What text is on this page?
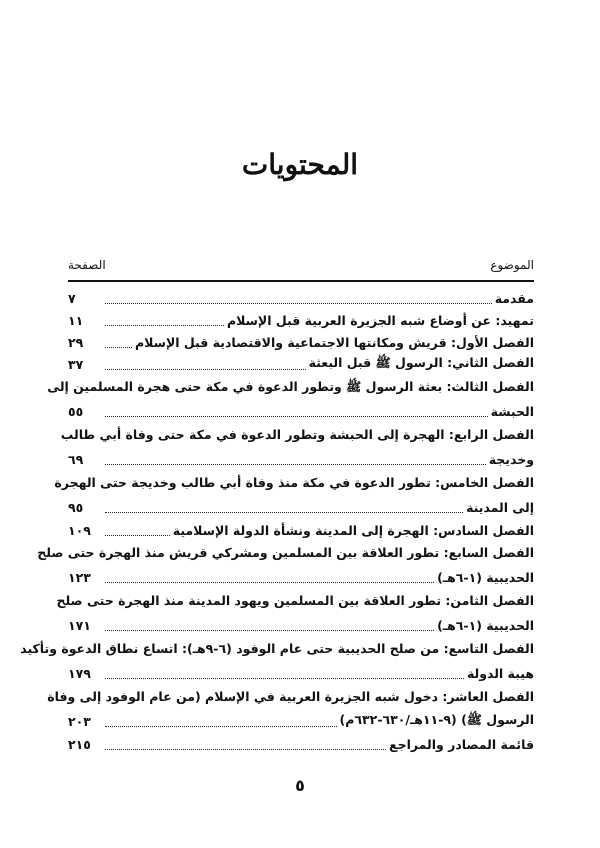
المحتويات
الموضوع
الصفحة
مقدمة
٧
تمهيد: عن أوضاع شبه الجزيرة العربية قبل الإسلام
١١
الفصل الأول: قريش ومكانتها الاجتماعية والاقتصادية قبل الإسلام
٢٩
الفصل الثاني: الرسول ﷺ قبل البعثة
٣٧
الفصل الثالث: بعثة الرسول ﷺ وتطور الدعوة في مكة حتى هجرة المسلمين إلى
الحبشة
٥٥
الفصل الرابع: الهجرة إلى الحبشة وتطور الدعوة في مكة حتى وفاة أبي طالب
وخديجة
٦٩
الفصل الخامس: تطور الدعوة في مكة منذ وفاة أبي طالب وخديجة حتى الهجرة
إلى المدينة
٩٥
الفصل السادس: الهجرة إلى المدينة ونشأة الدولة الإسلامية
١٠٩
الفصل السابع: تطور العلاقة بين المسلمين ومشركي قريش منذ الهجرة حتى صلح
الحديبية (١-٦هـ)
١٢٣
الفصل الثامن: تطور العلاقة بين المسلمين ويهود المدينة منذ الهجرة حتى صلح
الحديبية (١-٦هـ)
١٧١
الفصل التاسع: من صلح الحديبية حتى عام الوفود (٦-٩هـ): اتساع نطاق الدعوة وتأكيد
هيبة الدولة
١٧٩
الفصل العاشر: دخول شبه الجزيرة العربية في الإسلام (من عام الوفود إلى وفاة
الرسول ﷺ) (٩-١١هـ/٦٣٠-٦٣٢م)
٢٠٣
قائمة المصادر والمراجع
٢١٥
٥
